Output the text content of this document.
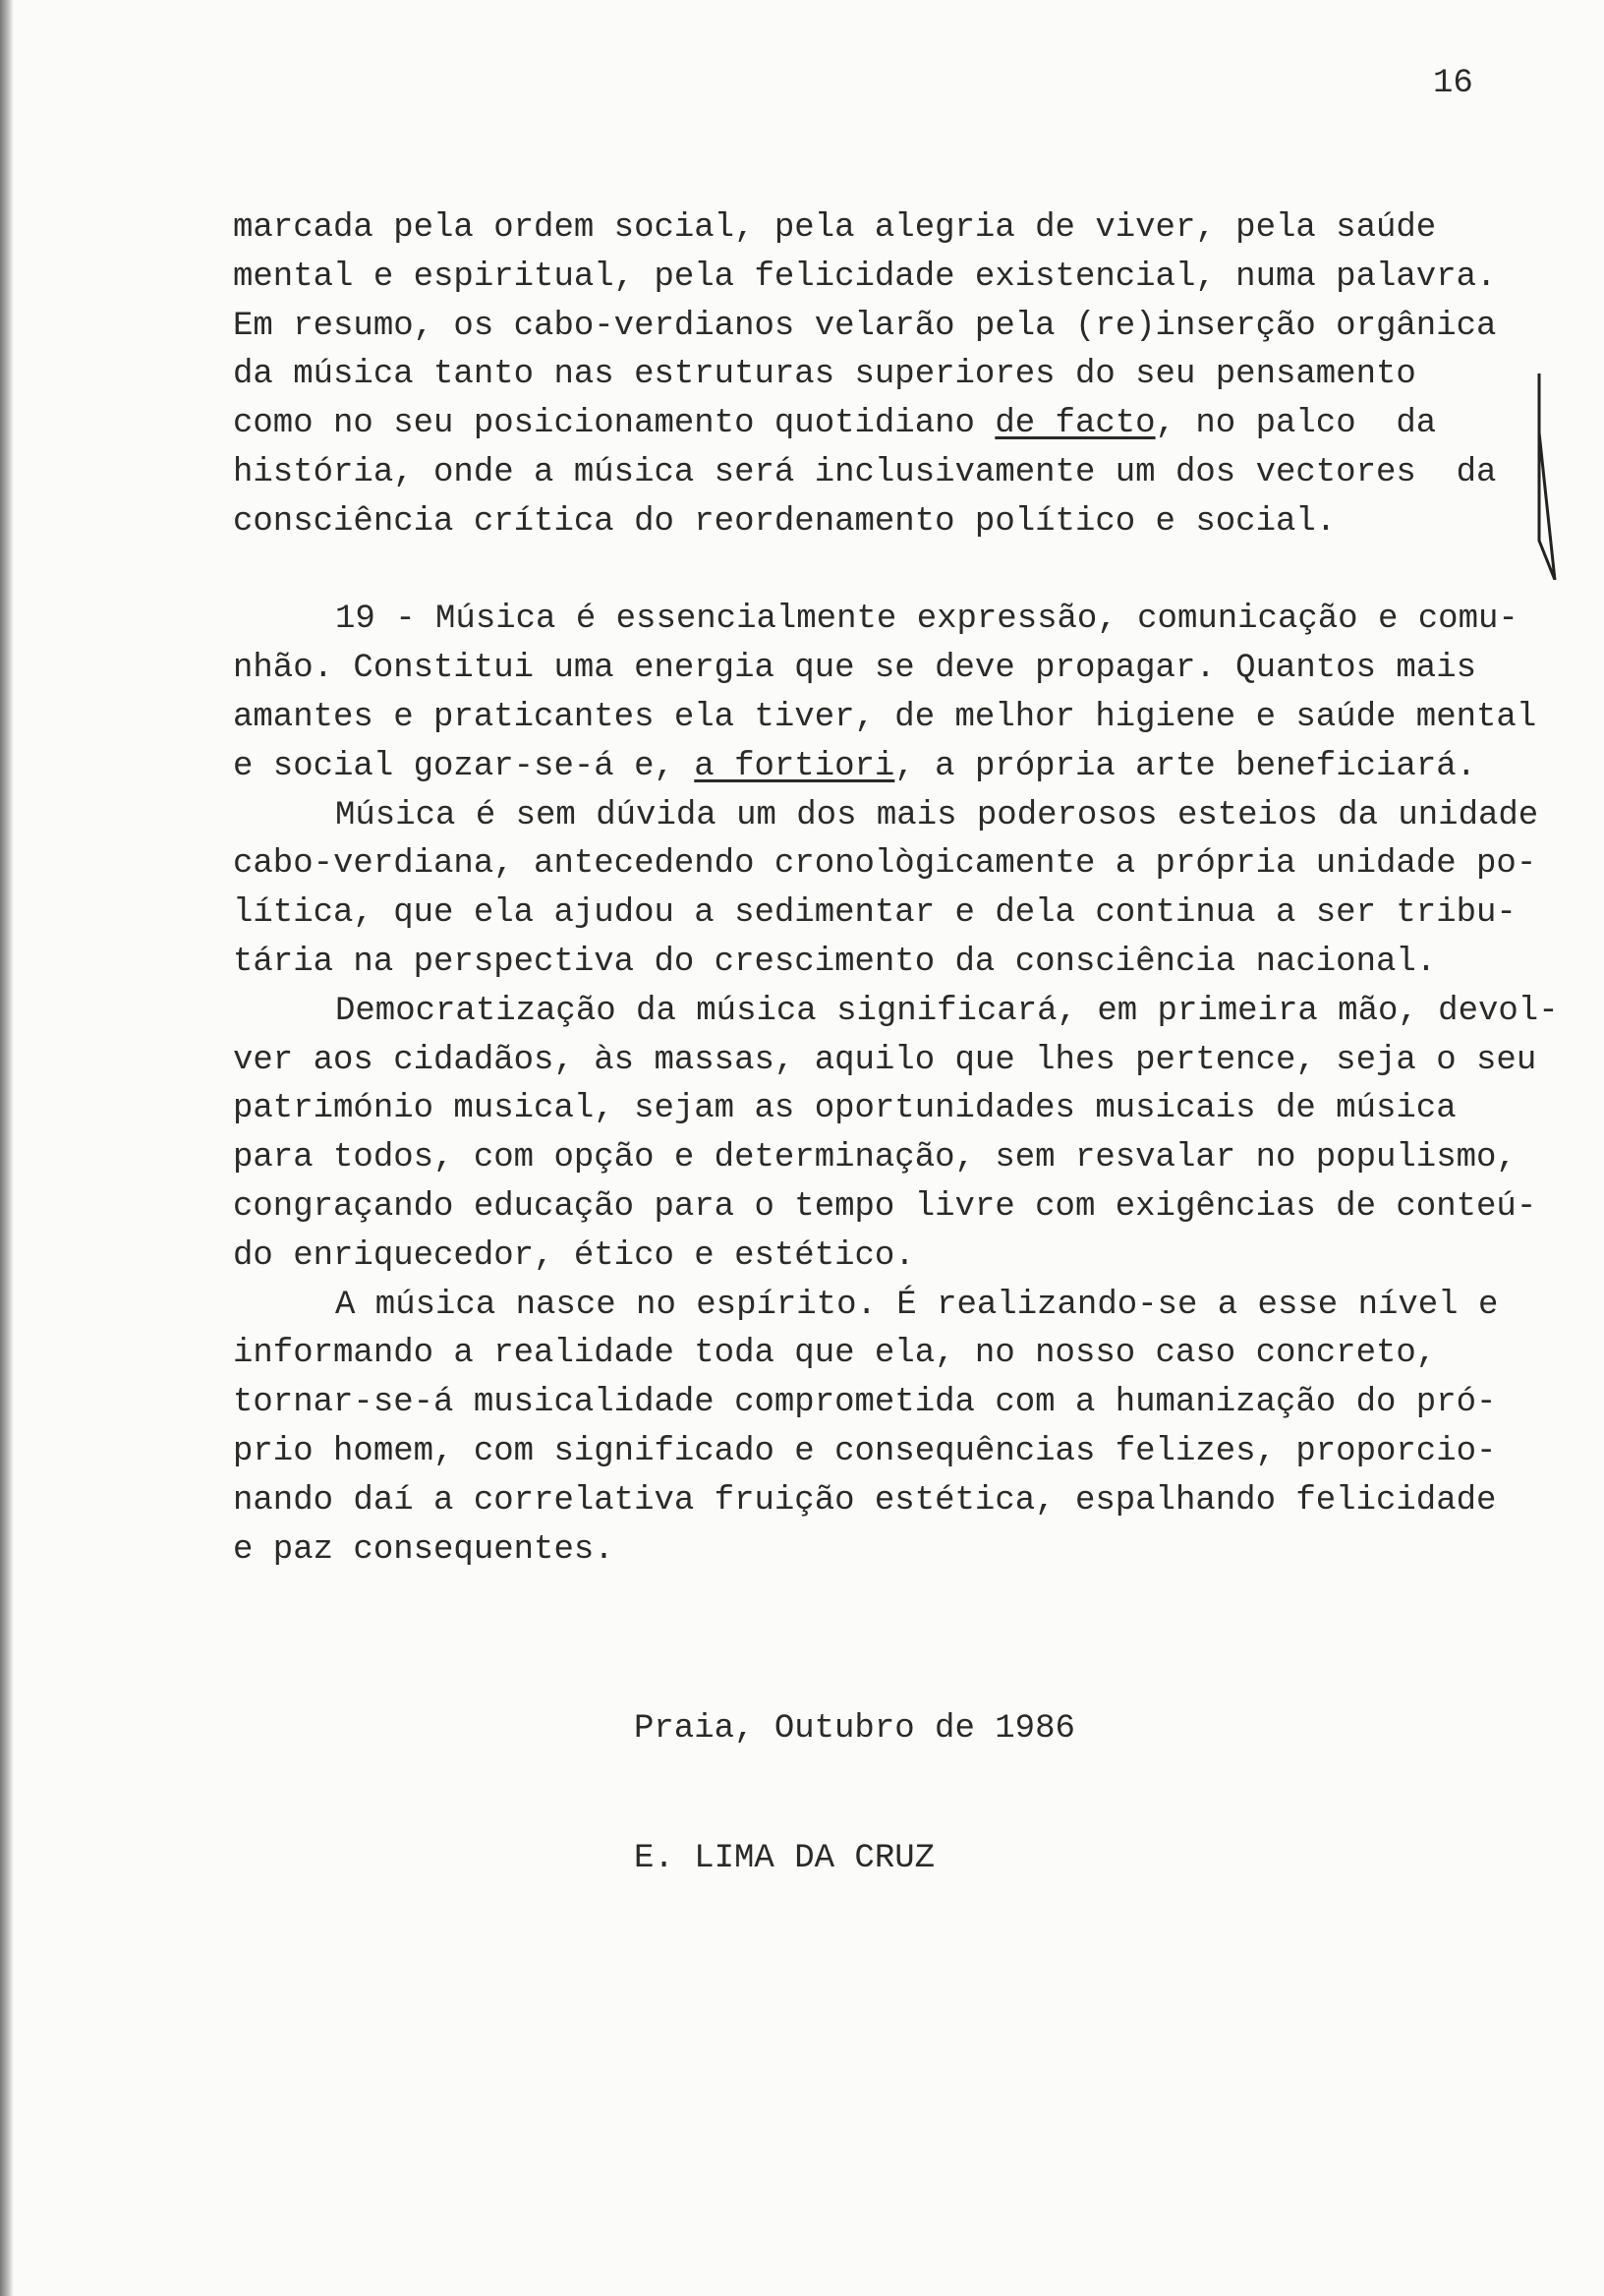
16
marcada pela ordem social, pela alegria de viver, pela saúde
mental e espiritual, pela felicidade existencial, numa palavra.
Em resumo, os cabo-verdianos velarão pela (re)inserção orgânica
da música tanto nas estruturas superiores do seu pensamento
como no seu posicionamento quotidiano de facto, no palco  da
história, onde a música será inclusivamente um dos vectores  da
consciência crítica do reordenamento político e social.
19 - Música é essencialmente expressão, comunicação e comu-
nhão. Constitui uma energia que se deve propagar. Quantos mais
amantes e praticantes ela tiver, de melhor higiene e saúde mental
e social gozar-se-á e, a fortiori, a própria arte beneficiará.
Música é sem dúvida um dos mais poderosos esteios da unidade
cabo-verdiana, antecedendo cronològicamente a própria unidade po-
lítica, que ela ajudou a sedimentar e dela continua a ser tribu-
tária na perspectiva do crescimento da consciência nacional.
Democratização da música significará, em primeira mão, devol-
ver aos cidadãos, às massas, aquilo que lhes pertence, seja o seu
património musical, sejam as oportunidades musicais de música
para todos, com opção e determinação, sem resvalar no populismo,
congraçando educação para o tempo livre com exigências de conteú-
do enriquecedor, ético e estético.
A música nasce no espírito. É realizando-se a esse nível e
informando a realidade toda que ela, no nosso caso concreto,
tornar-se-á musicalidade comprometida com a humanização do pró-
prio homem, com significado e consequências felizes, proporcio-
nando daí a correlativa fruição estética, espalhando felicidade
e paz consequentes.
Praia, Outubro de 1986
E. LIMA DA CRUZ
